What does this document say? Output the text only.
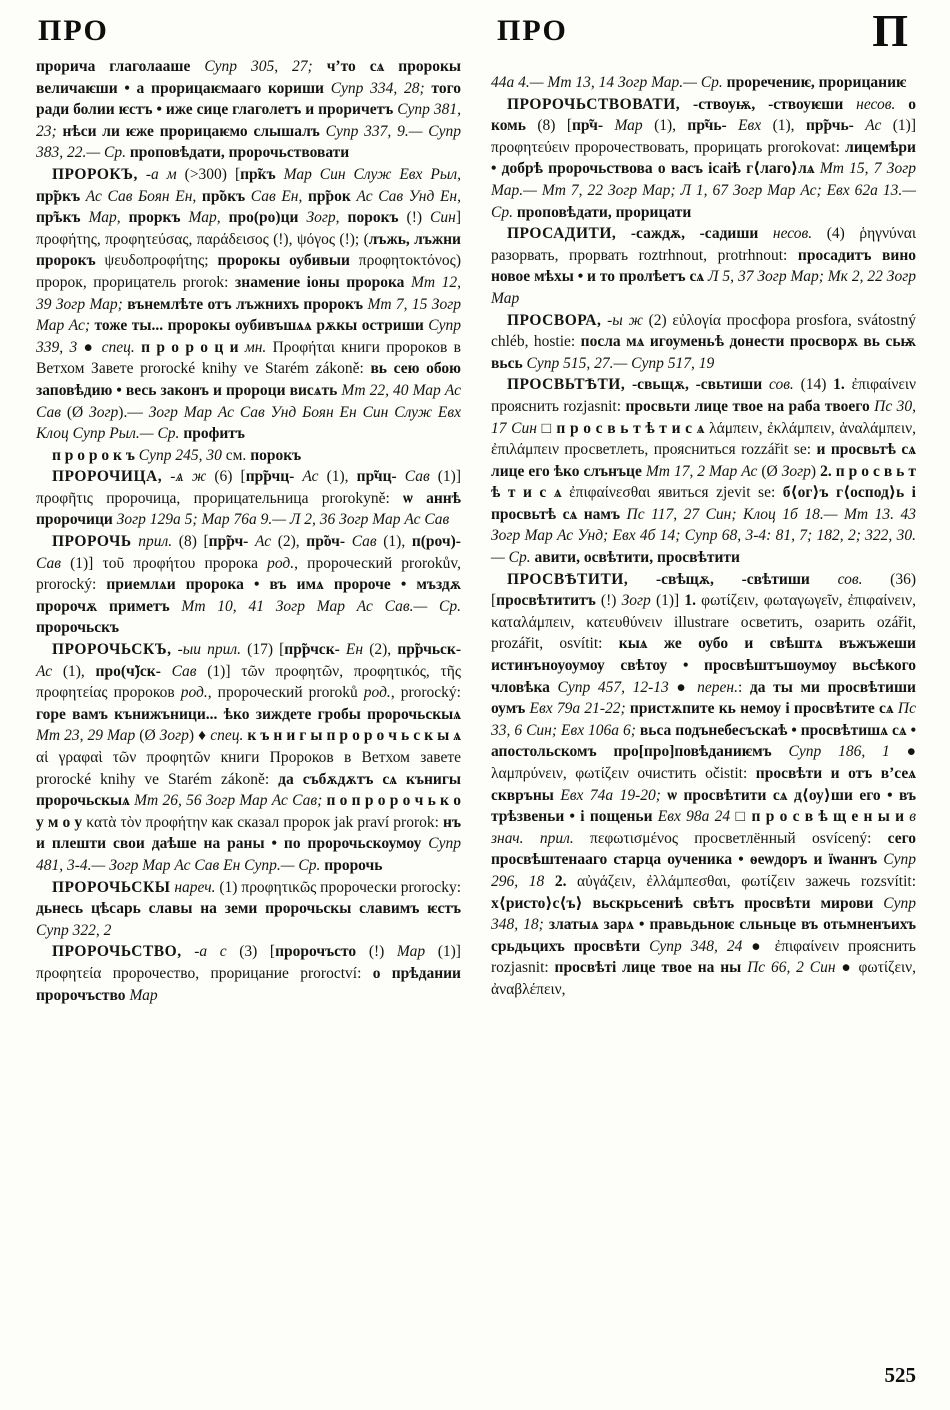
ПРО	ПРО	П

прорича глаголааше Супр 305, 27; ч’то сѧ пророкы величаѥши • а прорицаѥмааго кориши Супр 334, 28; того ради болии ѥстъ • иже сице глаголетъ и проричетъ Супр 381, 23; нѣси ли ѥже прорицаѥмо слышалъ Супр 337, 9.— Супр 383, 22.— Ср. проповѣдати, пророчьствовати

ПРОРОКЪ, -а м (>300) [пр̃къ Мар Син Служ Евх Рыл, пр̃ркъ Ас Сав Боян Ен, пр̃окъ Сав Ен, пр̃рок Ас Сав Унд Ен, пр̃ъкъ Мар, проркъ Мар, про(ро)ци Зогр, порокъ (!) Син] προφήτης, προφητεύσας, παράδεισος (!), ψόγος (!); (лъжь, лъжни пророкъ ψευδοπροφήτης; пророкы оубивыи προφητοκτόνος) пророк, прорицатель prorok: знамение іоны пророка Мт 12, 39 Зогр Мар; вънемлѣте отъ лъжнихъ пророкъ Мт 7, 15 Зогр Мар Ас; тоже ты... пророкы оубивъшѧѧ рѫкы остриши Супр 339, 3 ● спец. п р о р о ц и мн. Προφήται книги пророков в Ветхом Завете prorocké knihy ve Starém zákoně: вь сею обою заповѣдию • весь законъ и пророци висѧть Мт 22, 40 Мар Ас Сав (Ø Зогр).— Зогр Мар Ас Сав Унд Боян Ен Син Служ Евх Клоц Супр Рыл.— Ср. профитъ

п р о р о к ъ Супр 245, 30 см. порокъ

ПРОРОЧИЦА, -ѧ ж (6) [пр̃рчц- Ас (1), пр̃чц- Сав (1)] προφῆτις пророчица, прорицательница prorokyně: ѡ аннѣ пророчици Зогр 129а 5; Мар 76а 9.— Л 2, 36 Зогр Мар Ас Сав

ПРОРОЧЬ прил. (8) [пр̃рч- Ас (2), пр̃оч- Сав (1), п(роч)- Сав (1)] τοῦ προφήτου пророка род., пророческий prorokův, prorocký: приемлѧи пророка • въ имѧ пророче • мъздѫ пророчѫ приметъ Мт 10, 41 Зогр Мар Ас Сав.— Ср. пророчьскъ

ПРОРОЧЬСКЪ, -ыи прил. (17) [пр̃рчск- Ен (2), пр̃рчьск- Ас (1), про(ч̃)ск- Сав (1)] τῶν προφητῶν, προφητικός, τῆς προφητείας пророков род., пророческий proroků род., prorocký: горе вамъ кънижъници... ѣко зиждете гробы пророчьскыѧ Мт 23, 29 Мар (Ø Зогр) ♦ спец. к ъ н и г ы п р о р о ч ь с к ы ѧ αἱ γραφαὶ τῶν προφητῶν книги Пророков в Ветхом завете prorocké knihy ve Starém zákoně: да събѫдѫтъ сѧ кънигы пророчьскыѧ Мт 26, 56 Зогр Мар Ас Сав; п о п р о р о ч ь к о у м о у κατὰ τὸν προφήτην как сказал пророк jak praví prorok: нъ и плешти свои даѣше на раны • по пророчьскоумоу Супр 481, 3-4.— Зогр Мар Ас Сав Ен Супр.— Ср. пророчь

ПРОРОЧЬСКЫ нареч. (1) προφητικῶς пророчески prorocky: дьнесь цѣсарь славы на земи пророчьскы славимъ ѥстъ Супр 322, 2

ПРОРОЧЬСТВО, -а с (3) [пророчъсто (!) Мар (1)] προφητεία пророчество, прорицание proroctví: о прѣдании пророчъство Мар

44а 4.— Мт 13, 14 Зогр Мар.— Ср. проречениѥ, прорицаниѥ

ПРОРОЧЬСТВОВАТИ, -ствоуѭ, -ствоуѥши несов. о комь (8) [пр̃ч- Мар (1), пр̃чь- Евх (1), пр̃рчь- Ас (1)] προφητεύειν пророчествовать, прорицать prorokovat: лицемѣри • добрѣ пророчьствова о васъ ісаіѣ г⟨лаго⟩лѧ Мт 15, 7 Зогр Мар.— Мт 7, 22 Зогр Мар; Л 1, 67 Зогр Мар Ас; Евх 62а 13.— Ср. проповѣдати, прорицати

ПРОСАДИТИ, -саждѫ, -садиши несов. (4) ῥηγνύναι разорвать, прорвать roztrhnout, protrhnout: просадитъ вино новое мѣхы • и то пролѣетъ сѧ Л 5, 37 Зогр Мар; Мк 2, 22 Зогр Мар

ПРОСВОРА, -ы ж (2) εὐλογία просфора prosfora, svátostný chléb, hostie: посла мѧ игоуменьѣ донести просворѫ вь сьѭ вьсь Супр 515, 27.— Супр 517, 19

ПРОСВЬТѢТИ, -свьщѫ, -свьтиши сов. (14) 1. ἐπιφαίνειν прояснить rozjasnit: просвьти лице твое на раба твоего Пс 30, 17 Син □ п р о с в ь т ѣ т и с ѧ λάμπειν, ἐκλάμπειν, ἀναλάμπειν, ἐπιλάμπειν просветлеть, проясниться rozzářit se: и просвьтѣ сѧ лице его ѣко слънъце Мт 17, 2 Мар Ас (Ø Зогр) 2. п р о с в ь т ѣ т и с ѧ ἐπιφαίνεσθαι явиться zjevit se: б⟨ог⟩ъ г⟨оспод⟩ь і просвьтѣ сѧ намъ Пс 117, 27 Син; Клоц 1б 18.— Мт 13. 43 Зогр Мар Ас Унд; Евх 4б 14; Супр 68, 3-4: 81, 7; 182, 2; 322, 30.— Ср. авити, освѣтити, просвѣтити

ПРОСВѢТИТИ, -свѣщѫ, -свѣтиши сов. (36) [просвѣтититъ (!) Зогр (1)] 1. φωτίζειν, φωταγωγεῖν, ἐπιφαίνειν, καταλάμπειν, κατευθύνειν illustrare осветить, озарить ozářit, prozářit, osvítit: кыѧ же оубо и свѣштѧ въжъжеши истинъноуоумоу свѣтоу • просвѣштъшоумоу вьсѣкого чловѣка Супр 457, 12-13 ● перен.: да ты ми просвѣтиши оумъ Евх 79а 21-22; пристѫпите кь немоу і просвѣтите сѧ Пс 33, 6 Син; Евх 106а 6; вьса подънебесъскаѣ • просвѣтишѧ сѧ • апостольскомъ про[про]повѣданиѥмъ Супр 186, 1 ● λαμπρύνειν, φωτίζειν очистить očistit: просвѣти и отъ в’сеѧ сквръны Евх 74а 19-20; ѡ просвѣтити сѧ д⟨оу⟩ши его • въ трѣзвеньи • і пощеньи Евх 98а 24 □ п р о с в ѣ щ е н ы и в знач. прил. πεφωτισμένος просветлённый osvícený: сего просвѣштенааго старца оученика • ѳеѡдоръ и їѡаннъ Супр 296, 18 2. αὐγάζειν, ἐλλάμπεσθαι, φωτίζειν зажечь rozsvítit: х⟨ристо⟩с⟨ъ⟩ вьскрьсениѣ свѣтъ просвѣти мирови Супр 348, 18; златыѧ зарѧ • правьдьноѥ сльньце въ отьмненъихъ срьдьцихъ просвѣти Супр 348, 24 ● ἐπιφαίνειν прояснить rozjasnit: просвѣті лице твое на ны Пс 66, 2 Син ● φωτίζειν, ἀναβλέπειν,

525
